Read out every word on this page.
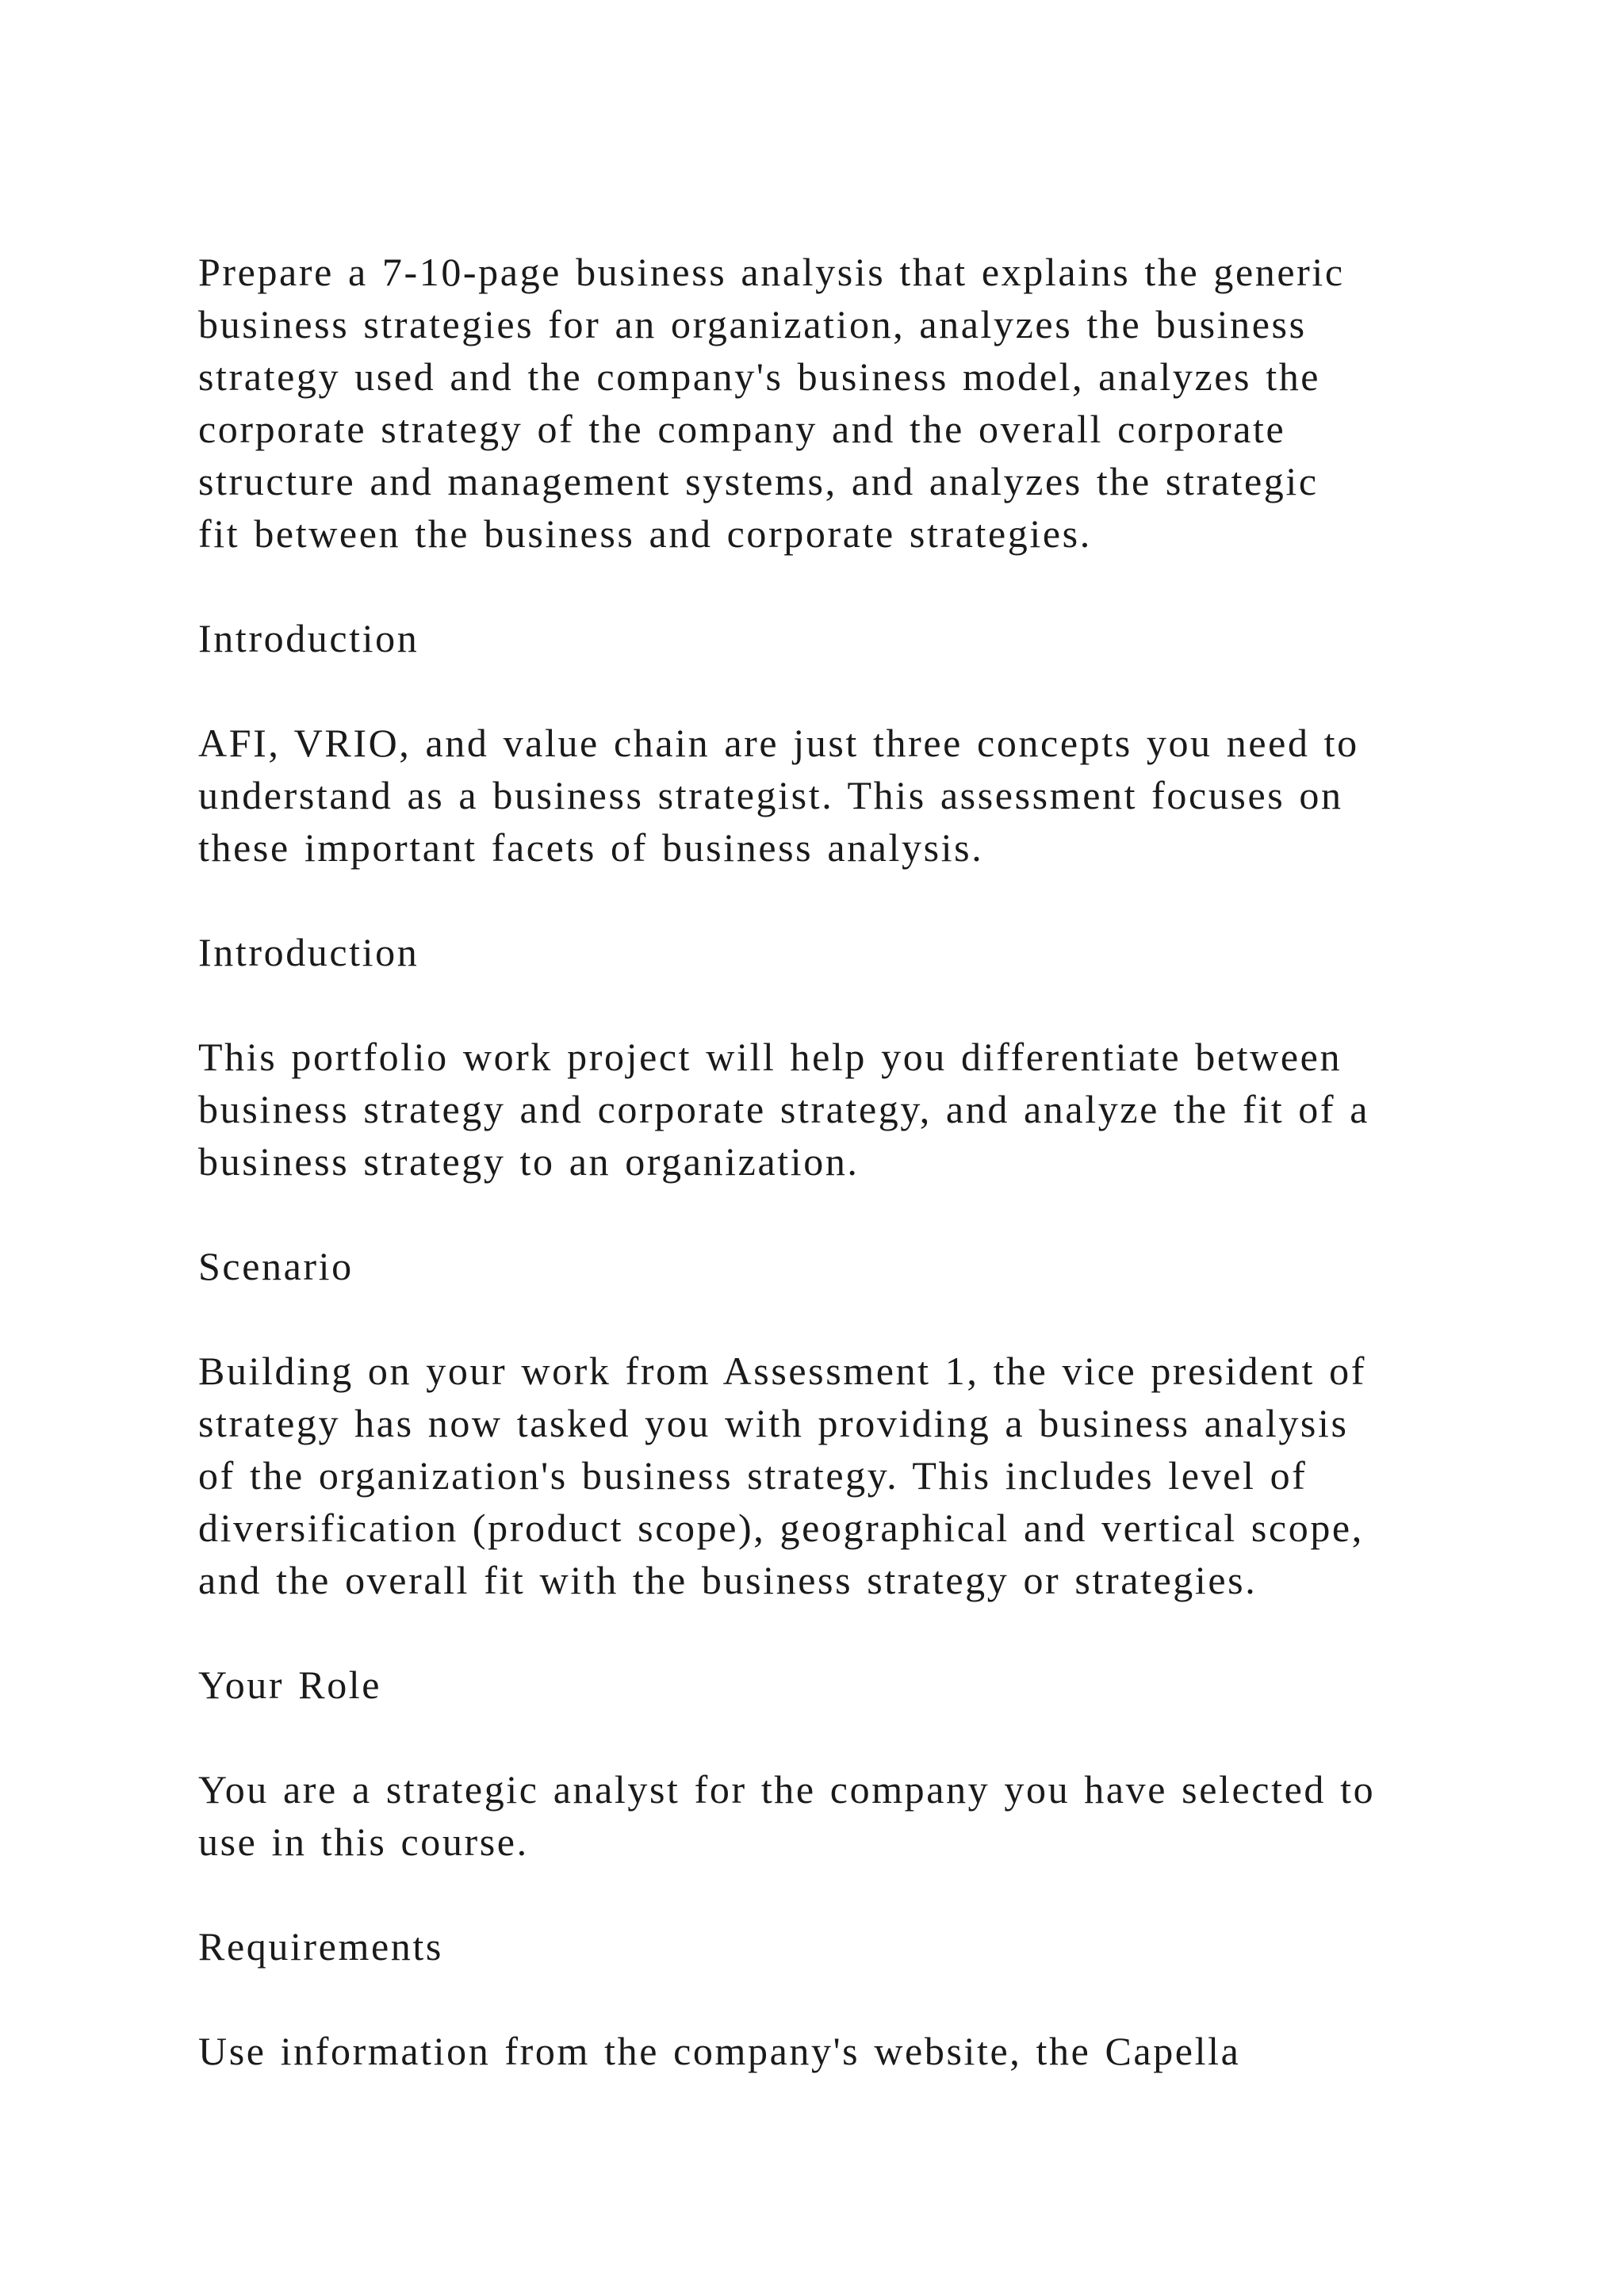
Prepare a 7-10-page business analysis that explains the generic
business strategies for an organization, analyzes the business
strategy used and the company's business model, analyzes the
corporate strategy of the company and the overall corporate
structure and management systems, and analyzes the strategic
fit between the business and corporate strategies.
Introduction
AFI, VRIO, and value chain are just three concepts you need to
understand as a business strategist. This assessment focuses on
these important facets of business analysis.
Introduction
This portfolio work project will help you differentiate between
business strategy and corporate strategy, and analyze the fit of a
business strategy to an organization.
Scenario
Building on your work from Assessment 1, the vice president of
strategy has now tasked you with providing a business analysis
of the organization's business strategy. This includes level of
diversification (product scope), geographical and vertical scope,
and the overall fit with the business strategy or strategies.
Your Role
You are a strategic analyst for the company you have selected to
use in this course.
Requirements
Use information from the company's website, the Capella
